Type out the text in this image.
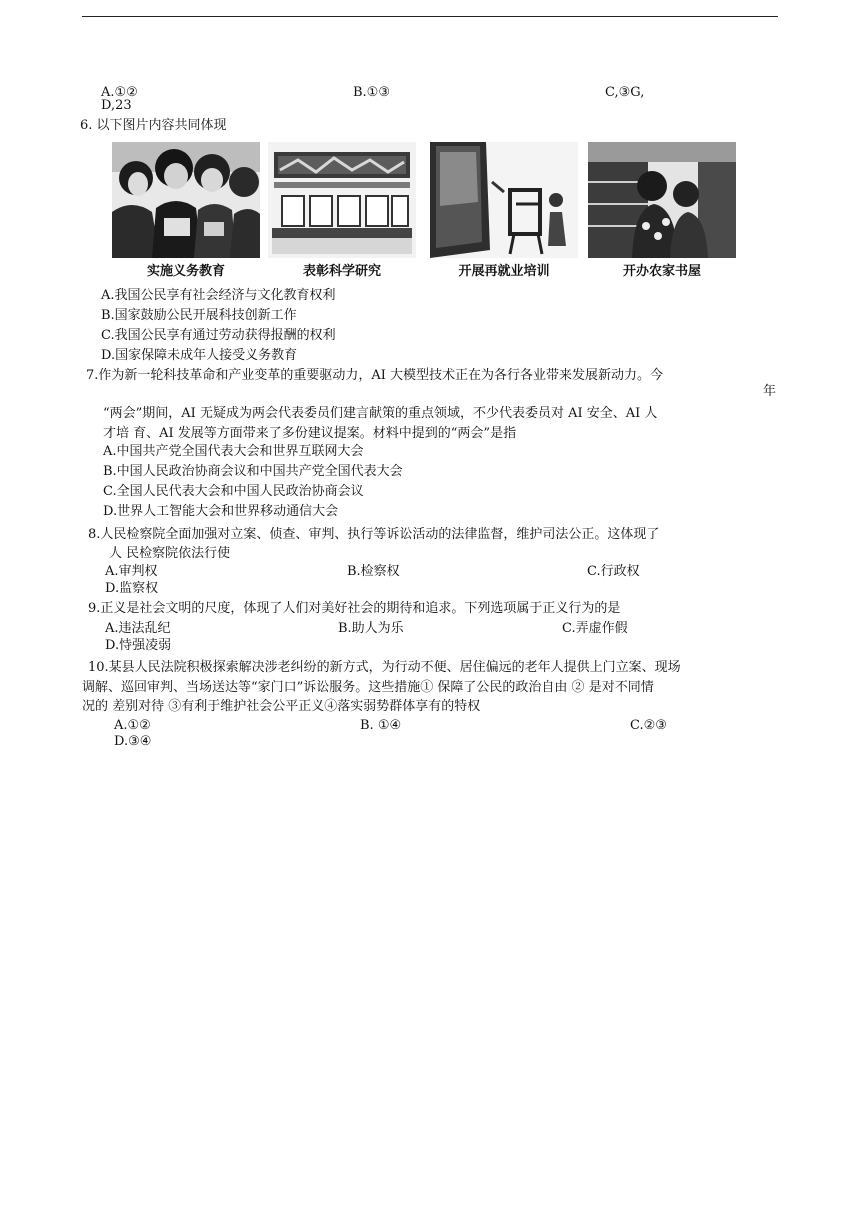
A.①②	B.①③	C,③G,
D,23
6. 以下图片内容共同体现
实施义务教育	表彰科学研究	开展再就业培训	开办农家书屋
A.我国公民享有社会经济与文化教育权利
B.国家鼓励公民开展科技创新工作
C.我国公民享有通过劳动获得报酬的权利
D.国家保障未成年人接受义务教育
7.作为新一轮科技革命和产业变革的重要驱动力，AI 大模型技术正在为各行各业带来发展新动力。今
年
“两会”期间，AI 无疑成为两会代表委员们建言献策的重点领域，不少代表委员对 AI 安全、AI 人
才培 育、AI 发展等方面带来了多份建议提案。材料中提到的“两会”是指
A.中国共产党全国代表大会和世界互联网大会
B.中国人民政治协商会议和中国共产党全国代表大会
C.全国人民代表大会和中国人民政治协商会议
D.世界人工智能大会和世界移动通信大会
8.人民检察院全面加强对立案、侦查、审判、执行等诉讼活动的法律监督，维护司法公正。这体现了
人 民检察院依法行使
A.审判权	B.检察权	C.行政权
D.监察权
9.正义是社会文明的尺度，体现了人们对美好社会的期待和追求。下列选项属于正义行为的是
A.违法乱纪	B.助人为乐	C.弄虚作假
D.恃强凌弱
10.某县人民法院积极探索解决涉老纠纷的新方式，为行动不便、居住偏远的老年人提供上门立案、现场
调解、巡回审判、当场送达等“家门口”诉讼服务。这些措施① 保障了公民的政治自由 ② 是对不同情
况的 差别对待 ③有利于维护社会公平正义④落实弱势群体享有的特权
A.①②	B. ①④	C.②③
D.③④
